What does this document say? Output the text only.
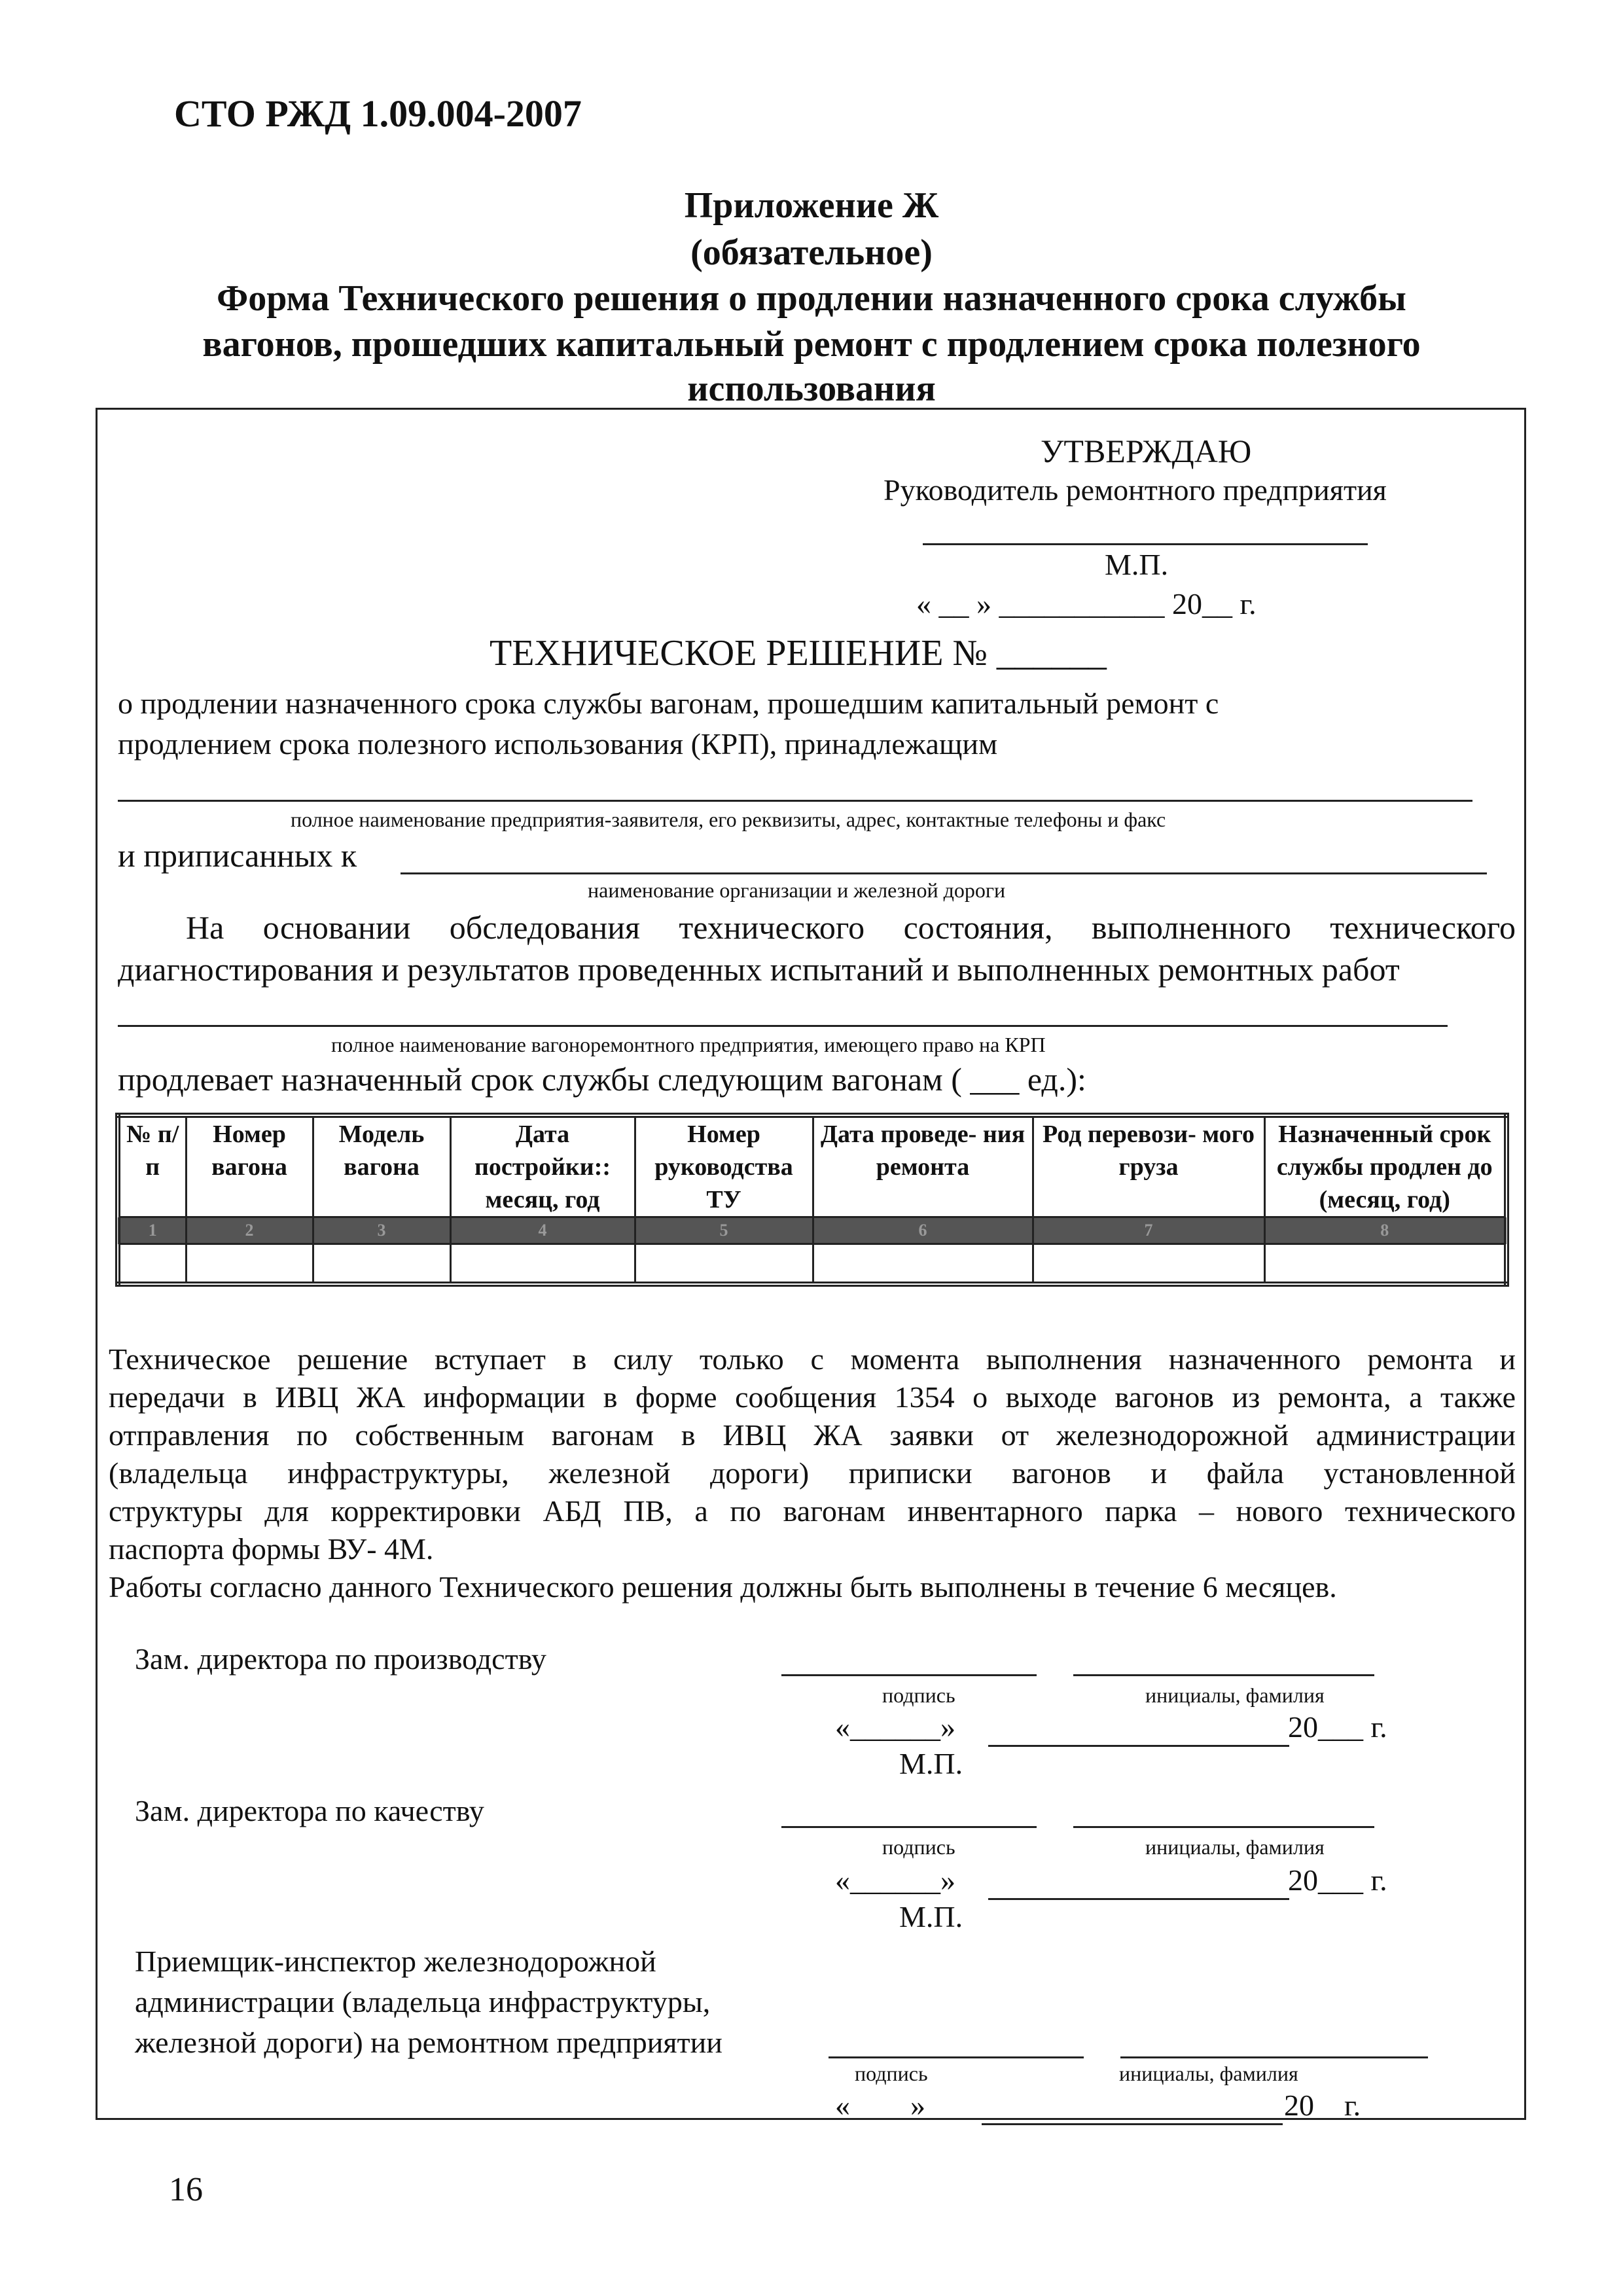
СТО РЖД 1.09.004-2007
Приложение Ж
(обязательное)
Форма Технического решения о продлении назначенного срока службы
вагонов, прошедших капитальный ремонт с продлением срока полезного
использования
УТВЕРЖДАЮ
Руководитель ремонтного предприятия
М.П.
« __ » ___________ 20__ г.
ТЕХНИЧЕСКОЕ РЕШЕНИЕ № ______
о продлении назначенного срока службы вагонам, прошедшим капитальный ремонт с
продлением срока полезного использования (КРП), принадлежащим
полное наименование предприятия-заявителя, его реквизиты, адрес, контактные телефоны и факс
и приписанных к
наименование организации и железной дороги
На основании обследования технического состояния, выполненного технического
диагностирования и результатов проведенных испытаний и выполненных ремонтных работ
полное наименование вагоноремонтного предприятия, имеющего право на КРП
продлевает назначенный срок службы следующим вагонам ( ___ ед.):
№ п/п	Номер вагона	Модель вагона	Дата постройки:: месяц, год	Номер руководства ТУ	Дата проведе- ния ремонта	Род перевози- мого груза	Назначенный срок службы продлен до (месяц, год)
1	2	3	4	5	6	7	8

Техническое решение вступает в силу только с момента выполнения назначенного ремонта и
передачи в ИВЦ ЖА информации в форме сообщения 1354 о выходе вагонов из ремонта, а также
отправления по собственным вагонам в ИВЦ ЖА заявки от железнодорожной администрации
(владельца инфраструктуры, железной дороги) приписки вагонов и файла установленной
структуры для корректировки АБД ПВ, а по вагонам инвентарного парка – нового технического
паспорта формы ВУ- 4М.
Работы согласно данного Технического решения должны быть выполнены в течение 6 месяцев.
Зам. директора по производству
подпись	инициалы, фамилия
«______»	20___ г.
М.П.
Зам. директора по качеству
подпись	инициалы, фамилия
«______»	20___ г.
М.П.
Приемщик-инспектор железнодорожной
администрации (владельца инфраструктуры,
железной дороги) на ремонтном предприятии
подпись	инициалы, фамилия
«        »	20    г.
16
